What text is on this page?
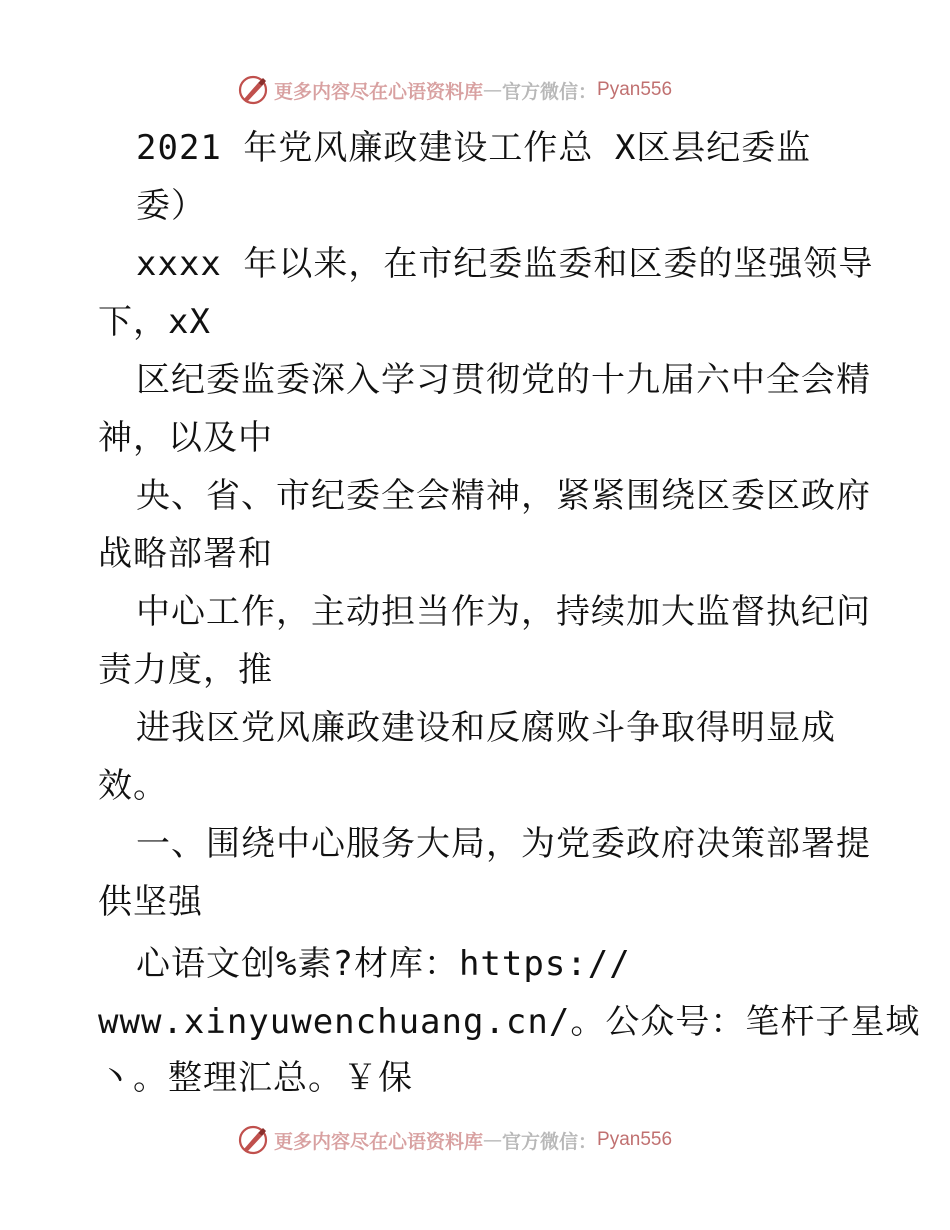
更多内容尽在心语资料库 — 官方微信： Pyan556
2021 年党风廉政建设工作总 X区县纪委监
委）
xxxx 年以来，在市纪委监委和区委的坚强领导
下，xX
区纪委监委深入学习贯彻党的十九届六中全会精
神，以及中
央、省、市纪委全会精神，紧紧围绕区委区政府
战略部署和
中心工作，主动担当作为，持续加大监督执纪问
责力度，推
进我区党风廉政建设和反腐败斗争取得明显成
效。
一、围绕中心服务大局，为党委政府决策部署提
供坚强
心语文创%素?材库：https://
www.xinyuwenchuang.cn/。公众号：笔杆子星域
丶。整理汇总。￥保
更多内容尽在心语资料库 — 官方微信： Pyan556
